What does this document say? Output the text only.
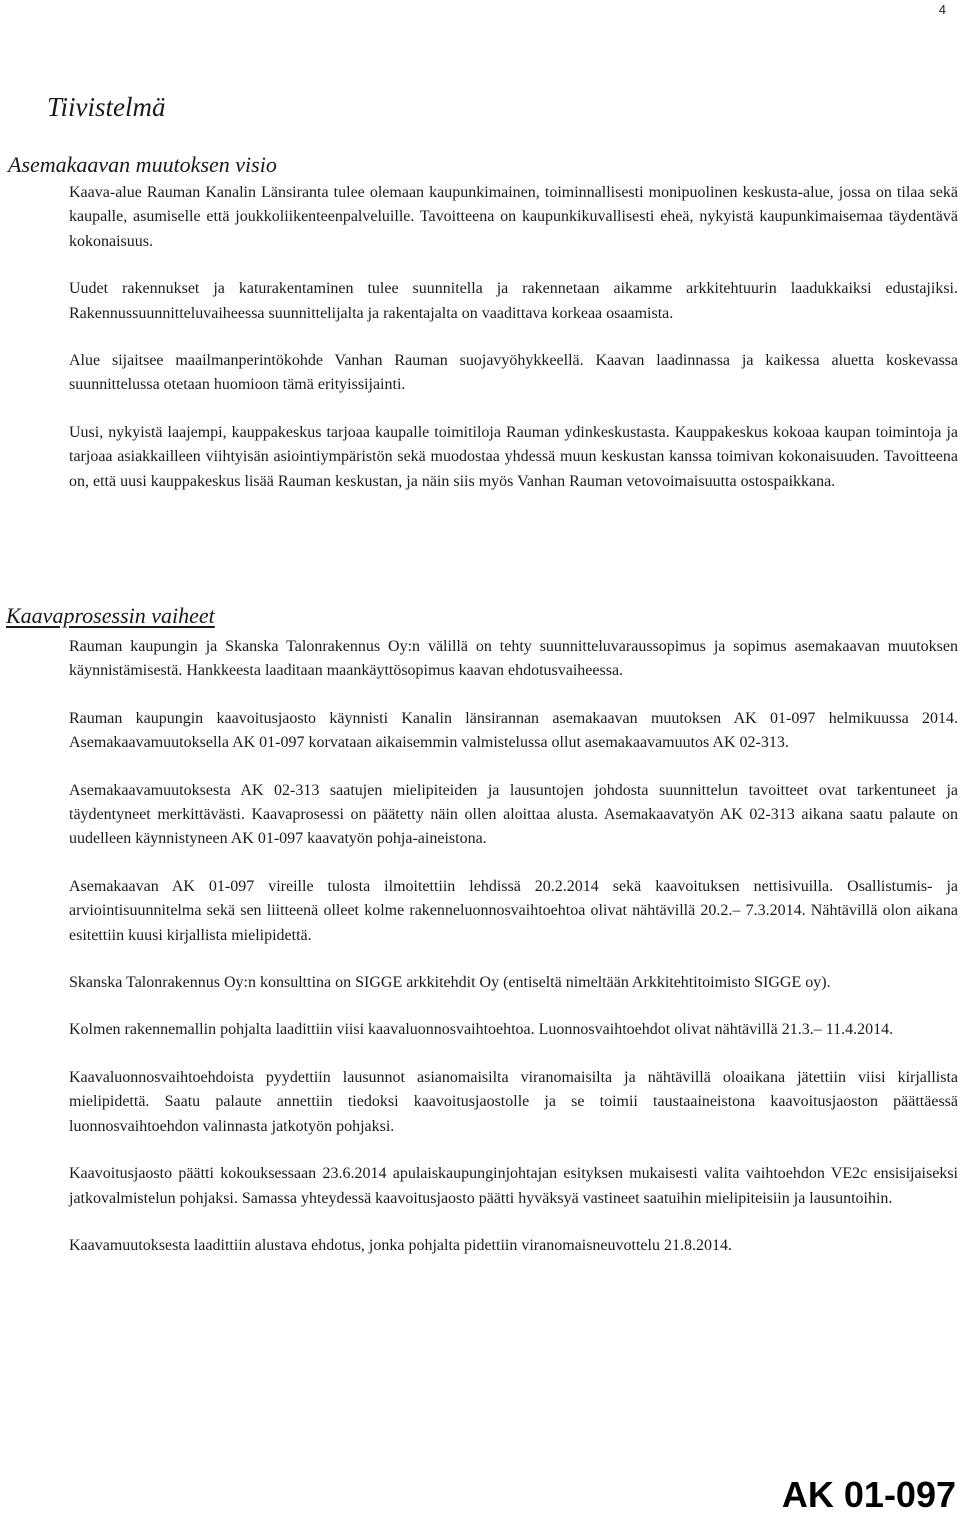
4
Tiivistelmä
Asemakaavan muutoksen visio

Kaava-alue Rauman Kanalin Länsiranta tulee olemaan kaupunkimainen, toiminnallisesti monipuolinen keskusta-alue, jossa on tilaa sekä kaupalle, asumiselle että joukkoliikenteenpalveluille. Tavoitteena on kaupunkikuvallisesti eheä, nykyistä kaupunkimaisemaa täydentävä kokonaisuus.

Uudet rakennukset ja katurakentaminen tulee suunnitella ja rakennetaan aikamme arkkitehtuurin laadukkaiksi edustajiksi. Rakennussuunnitteluvaiheessa suunnittelijalta ja rakentajalta on vaadittava korkeaa osaamista.

Alue sijaitsee maailmanperintökohde Vanhan Rauman suojavyöhykkeellä. Kaavan laadinnassa ja kaikessa aluetta koskevassa suunnittelussa otetaan huomioon tämä erityissijainti.

Uusi, nykyistä laajempi, kauppakeskus tarjoaa kaupalle toimitiloja Rauman ydinkeskustasta. Kauppakeskus kokoaa kaupan toimintoja ja tarjoaa asiakkailleen viihtyisän asiointiympäristön sekä muodostaa yhdessä muun keskustan kanssa toimivan kokonaisuuden. Tavoitteena on, että uusi kauppakeskus lisää Rauman keskustan, ja näin siis myös Vanhan Rauman vetovoimaisuutta ostospaikkana.

Kaavaprosessin vaiheet

Rauman kaupungin ja Skanska Talonrakennus Oy:n välillä on tehty suunnitteluvaraussopimus ja sopimus asemakaavan muutoksen käynnistämisestä. Hankkeesta laaditaan maankäyttösopimus kaavan ehdotusvaiheessa.

Rauman kaupungin kaavoitusjaosto käynnisti Kanalin länsirannan asemakaavan muutoksen AK 01-097 helmikuussa 2014. Asemakaavamuutoksella AK 01-097 korvataan aikaisemmin valmistelussa ollut asemakaavamuutos AK 02-313.

Asemakaavamuutoksesta AK 02-313 saatujen mielipiteiden ja lausuntojen johdosta suunnittelun tavoitteet ovat tarkentuneet ja täydentyneet merkittävästi. Kaavaprosessi on päätetty näin ollen aloittaa alusta. Asemakaavatyön AK 02-313 aikana saatu palaute on uudelleen käynnistyneen AK 01-097 kaavatyön pohja-aineistona.

Asemakaavan AK 01-097 vireille tulosta ilmoitettiin lehdissä 20.2.2014 sekä kaavoituksen nettisivuilla. Osallistumis- ja arviointisuunnitelma sekä sen liitteenä olleet kolme rakenneluonnosvaihtoehtoa olivat nähtävillä 20.2.– 7.3.2014. Nähtävillä olon aikana esitettiin kuusi kirjallista mielipidettä.

Skanska Talonrakennus Oy:n konsulttina on SIGGE arkkitehdit Oy (entiseltä nimeltään Arkkitehtitoimisto SIGGE oy).

Kolmen rakennemallin pohjalta laadittiin viisi kaavaluonnosvaihtoehtoa. Luonnosvaihtoehdot olivat nähtävillä 21.3.– 11.4.2014.

Kaavaluonnosvaihtoehdoista pyydettiin lausunnot asianomaisilta viranomaisilta ja nähtävillä oloaikana jätettiin viisi kirjallista mielipidettä. Saatu palaute annettiin tiedoksi kaavoitusjaostolle ja se toimii taustaaineistona kaavoitusjaoston päättäessä luonnosvaihtoehdon valinnasta jatkotyön pohjaksi.

Kaavoitusjaosto päätti kokouksessaan 23.6.2014 apulaiskaupunginjohtajan esityksen mukaisesti valita vaihtoehdon VE2c ensisijaiseksi jatkovalmistelun pohjaksi. Samassa yhteydessä kaavoitusjaosto päätti hyväksyä vastineet saatuihin mielipiteisiin ja lausuntoihin.

Kaavamuutoksesta laadittiin alustava ehdotus, jonka pohjalta pidettiin viranomaisneuvottelu 21.8.2014.

AK 01-097
